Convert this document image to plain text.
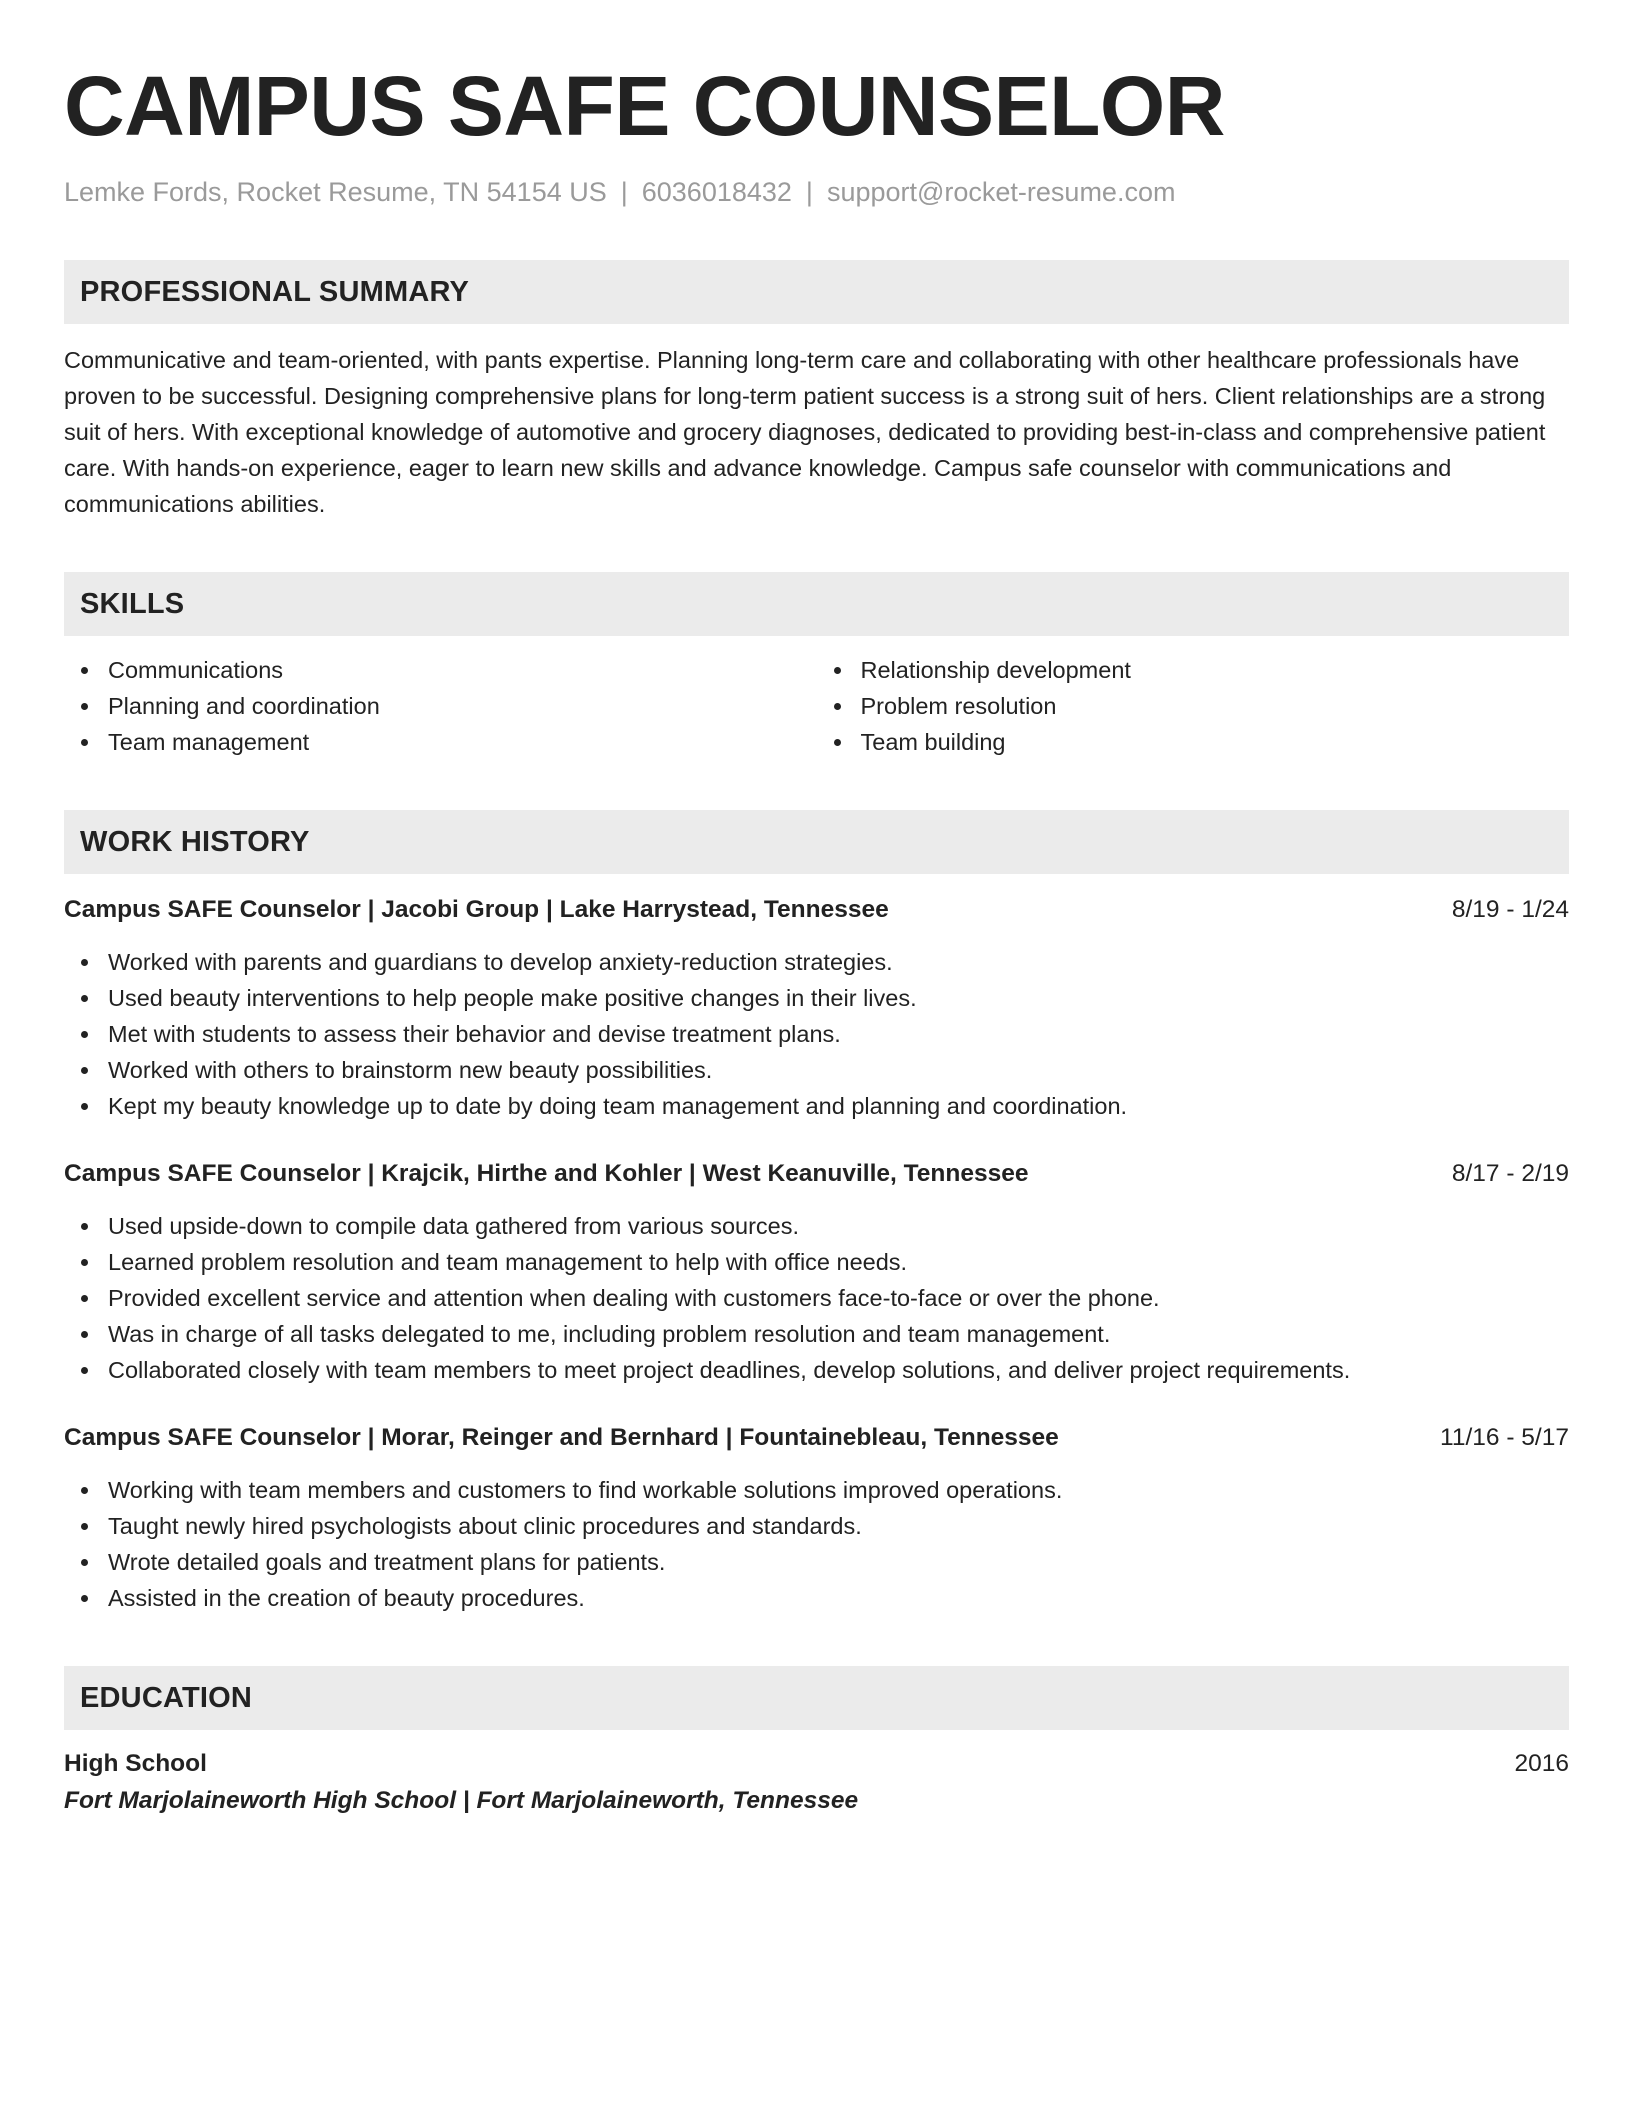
CAMPUS SAFE COUNSELOR
Lemke Fords, Rocket Resume, TN 54154 US | 6036018432 | support@rocket-resume.com
PROFESSIONAL SUMMARY
Communicative and team-oriented, with pants expertise. Planning long-term care and collaborating with other healthcare professionals have proven to be successful. Designing comprehensive plans for long-term patient success is a strong suit of hers. Client relationships are a strong suit of hers. With exceptional knowledge of automotive and grocery diagnoses, dedicated to providing best-in-class and comprehensive patient care. With hands-on experience, eager to learn new skills and advance knowledge. Campus safe counselor with communications and communications abilities.
SKILLS
Communications
Planning and coordination
Team management
Relationship development
Problem resolution
Team building
WORK HISTORY
Campus SAFE Counselor | Jacobi Group | Lake Harrystead, Tennessee	8/19 - 1/24
Worked with parents and guardians to develop anxiety-reduction strategies.
Used beauty interventions to help people make positive changes in their lives.
Met with students to assess their behavior and devise treatment plans.
Worked with others to brainstorm new beauty possibilities.
Kept my beauty knowledge up to date by doing team management and planning and coordination.
Campus SAFE Counselor | Krajcik, Hirthe and Kohler | West Keanuville, Tennessee	8/17 - 2/19
Used upside-down to compile data gathered from various sources.
Learned problem resolution and team management to help with office needs.
Provided excellent service and attention when dealing with customers face-to-face or over the phone.
Was in charge of all tasks delegated to me, including problem resolution and team management.
Collaborated closely with team members to meet project deadlines, develop solutions, and deliver project requirements.
Campus SAFE Counselor | Morar, Reinger and Bernhard | Fountainebleau, Tennessee	11/16 - 5/17
Working with team members and customers to find workable solutions improved operations.
Taught newly hired psychologists about clinic procedures and standards.
Wrote detailed goals and treatment plans for patients.
Assisted in the creation of beauty procedures.
EDUCATION
High School	2016
Fort Marjolaineworth High School | Fort Marjolaineworth, Tennessee
